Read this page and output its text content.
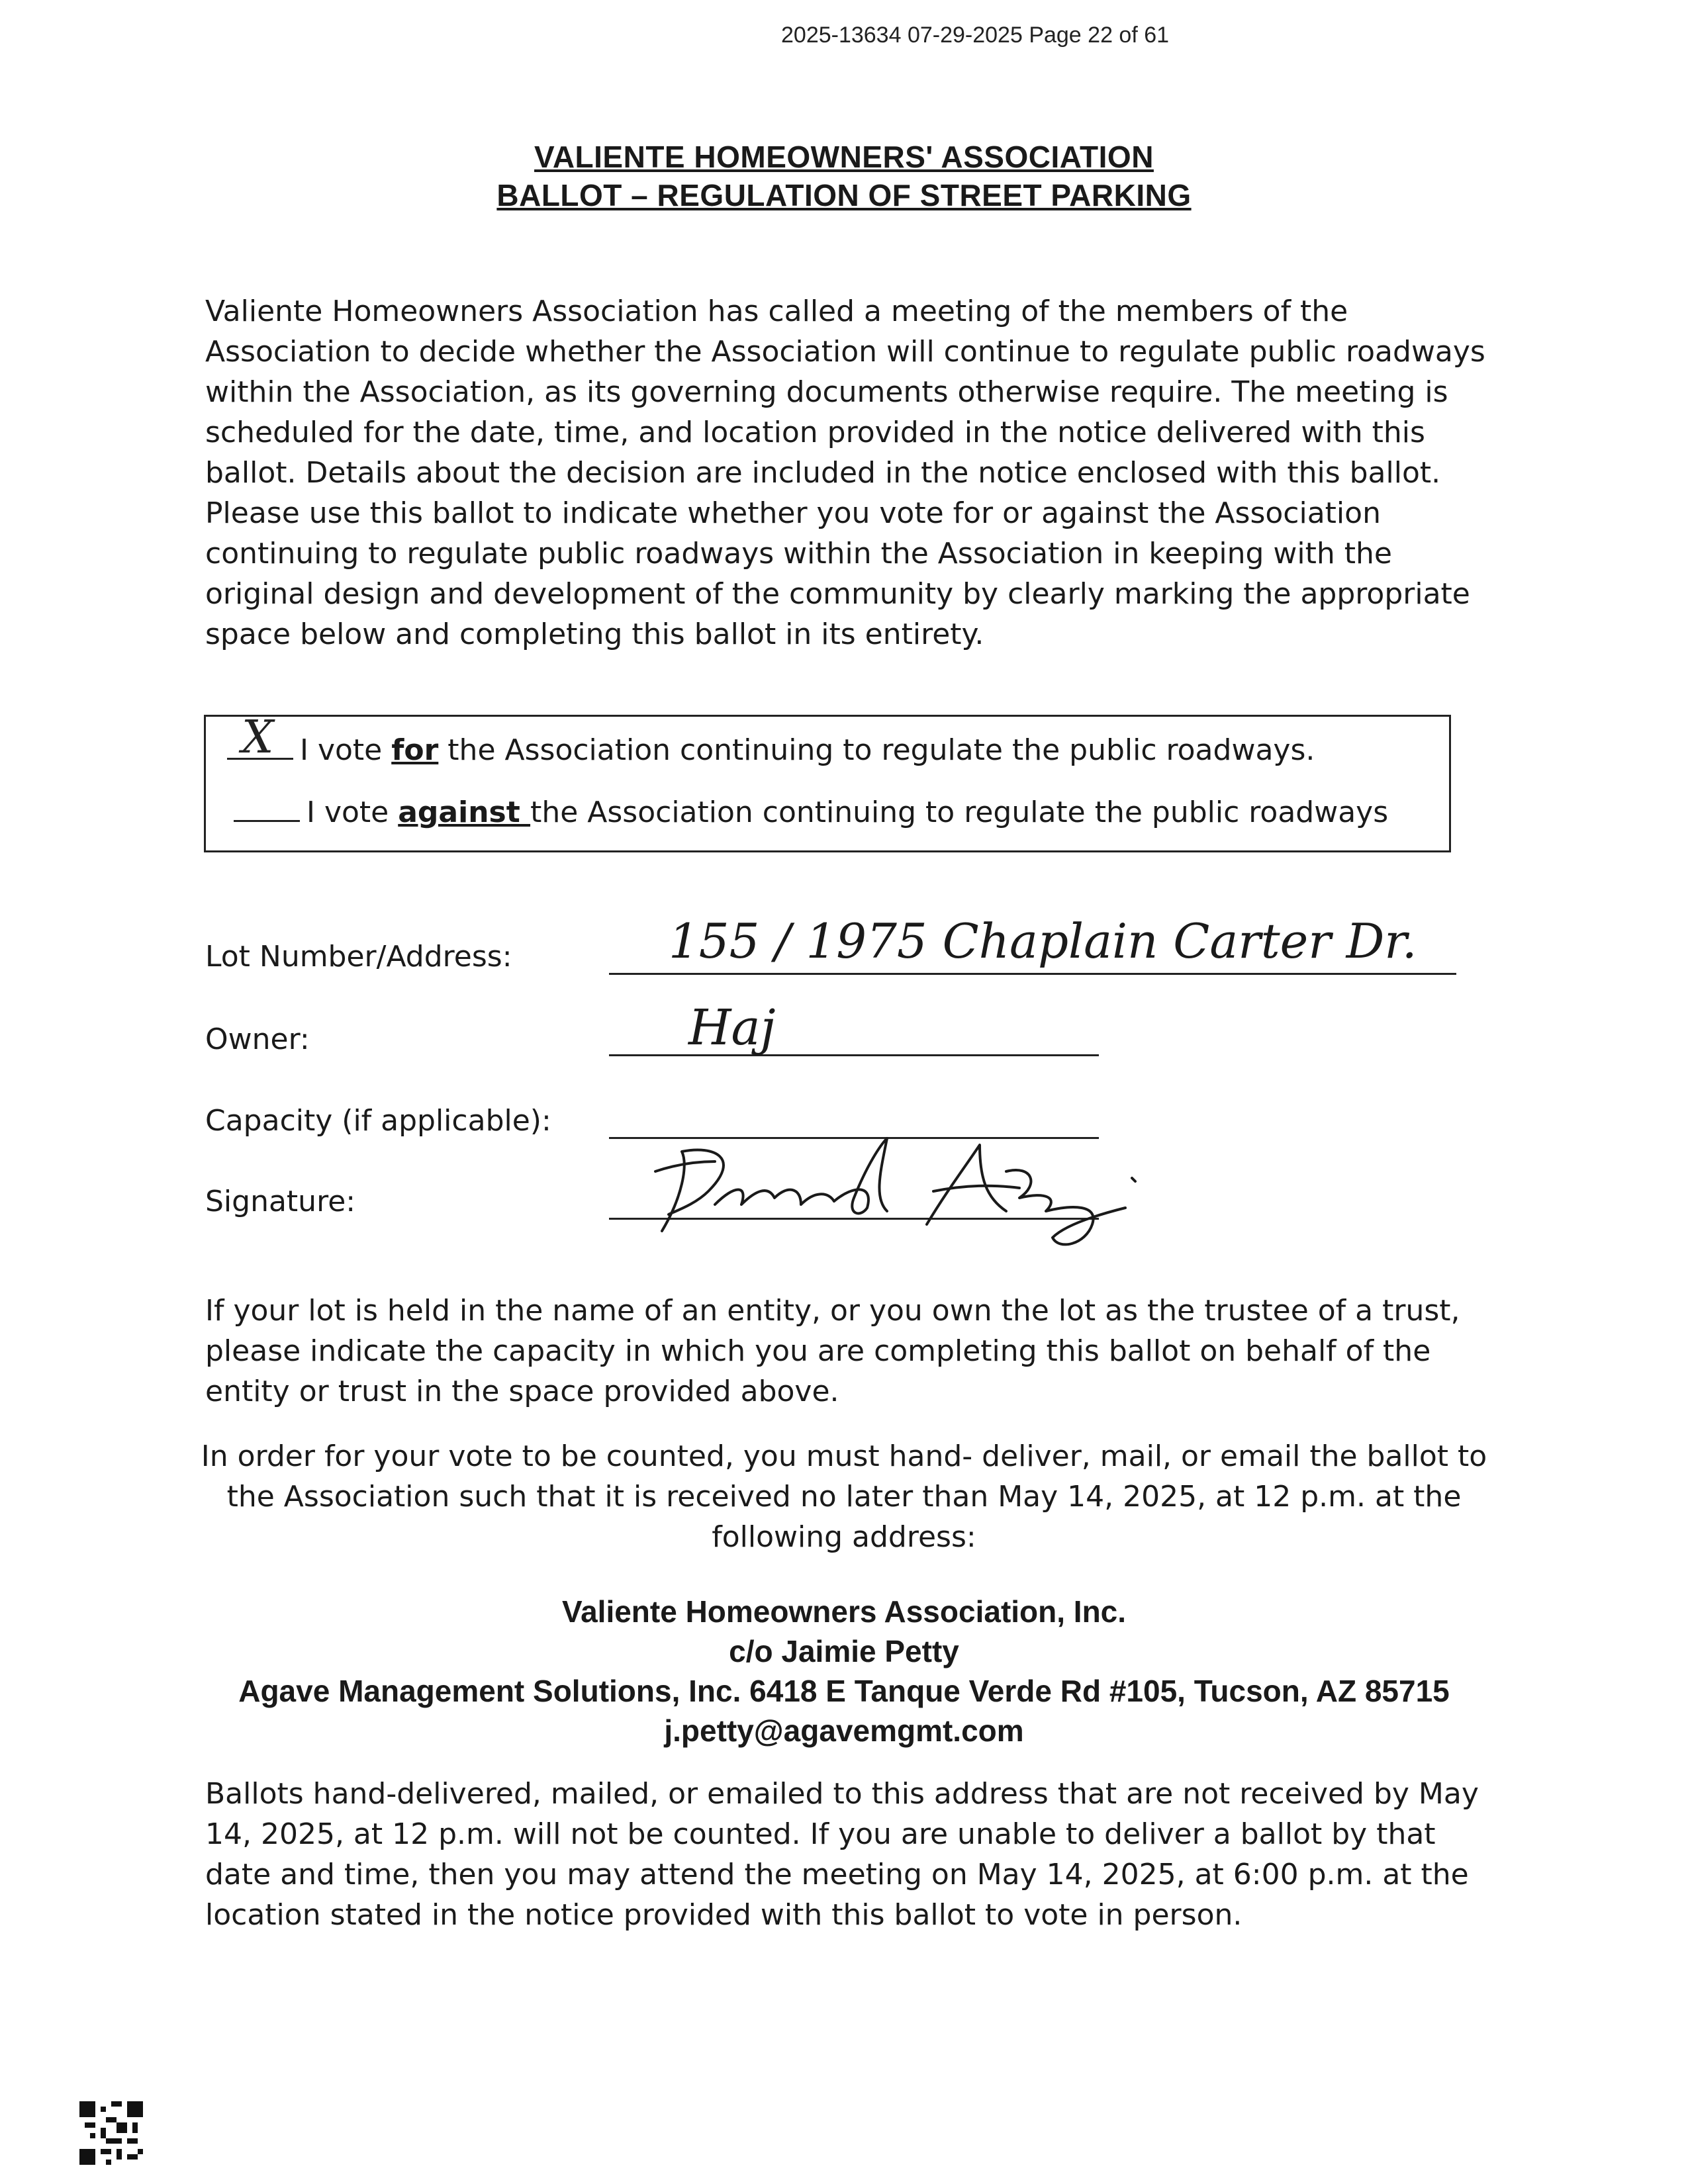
2025-13634 07-29-2025 Page 22 of 61
VALIENTE HOMEOWNERS' ASSOCIATION
BALLOT – REGULATION OF STREET PARKING
Valiente Homeowners Association has called a meeting of the members of the Association to decide whether the Association will continue to regulate public roadways within the Association, as its governing documents otherwise require. The meeting is scheduled for the date, time, and location provided in the notice delivered with this ballot. Details about the decision are included in the notice enclosed with this ballot. Please use this ballot to indicate whether you vote for or against the Association continuing to regulate public roadways within the Association in keeping with the original design and development of the community by clearly marking the appropriate space below and completing this ballot in its entirety.
X I vote for the Association continuing to regulate the public roadways.
I vote against the Association continuing to regulate the public roadways
Lot Number/Address:	155 / 1975 Chaplain Carter Dr.
Owner:	Haj
Capacity (if applicable):
Signature:
If your lot is held in the name of an entity, or you own the lot as the trustee of a trust, please indicate the capacity in which you are completing this ballot on behalf of the entity or trust in the space provided above.
In order for your vote to be counted, you must hand- deliver, mail, or email the ballot to
the Association such that it is received no later than May 14, 2025, at 12 p.m. at the
following address:
Valiente Homeowners Association, Inc.
c/o Jaimie Petty
Agave Management Solutions, Inc. 6418 E Tanque Verde Rd #105, Tucson, AZ 85715
j.petty@agavemgmt.com
Ballots hand-delivered, mailed, or emailed to this address that are not received by May 14, 2025, at 12 p.m. will not be counted. If you are unable to deliver a ballot by that date and time, then you may attend the meeting on May 14, 2025, at 6:00 p.m. at the location stated in the notice provided with this ballot to vote in person.
